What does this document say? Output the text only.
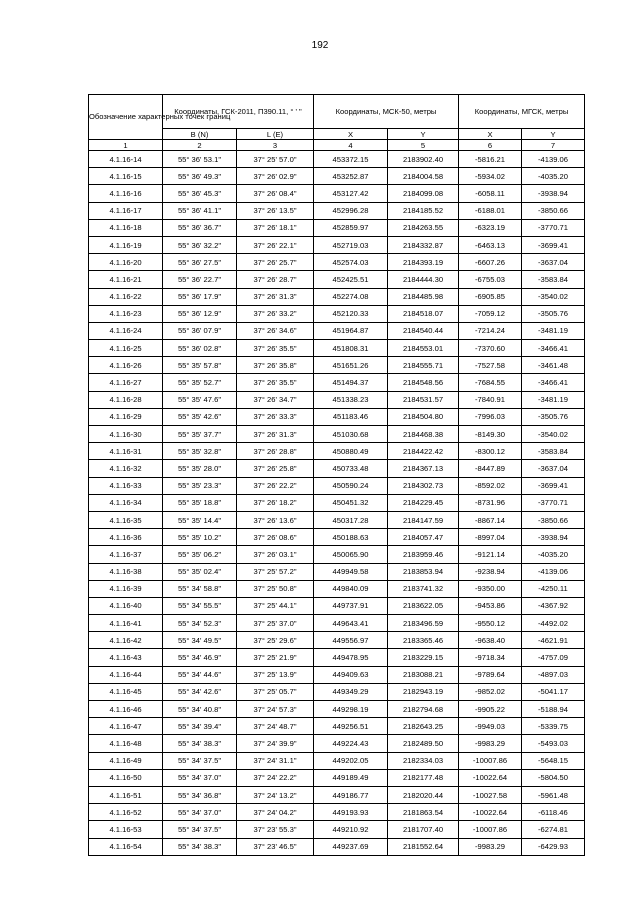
192
Обозначение характерных точек границ	Координаты, ГСК-2011, П390.11, ° ' "		Координаты, МСК-50, метры		Координаты, МГСК, метры	
	B (N)	L (E)	X	Y	X	Y
1	2	3	4	5	6	7
4.1.16-14	55° 36' 53.1"	37° 25' 57.0"	453372.15	2183902.40	-5816.21	-4139.06
4.1.16-15	55° 36' 49.3"	37° 26' 02.9"	453252.87	2184004.58	-5934.02	-4035.20
4.1.16-16	55° 36' 45.3"	37° 26' 08.4"	453127.42	2184099.08	-6058.11	-3938.94
4.1.16-17	55° 36' 41.1"	37° 26' 13.5"	452996.28	2184185.52	-6188.01	-3850.66
4.1.16-18	55° 36' 36.7"	37° 26' 18.1"	452859.97	2184263.55	-6323.19	-3770.71
4.1.16-19	55° 36' 32.2"	37° 26' 22.1"	452719.03	2184332.87	-6463.13	-3699.41
4.1.16-20	55° 36' 27.5"	37° 26' 25.7"	452574.03	2184393.19	-6607.26	-3637.04
4.1.16-21	55° 36' 22.7"	37° 26' 28.7"	452425.51	2184444.30	-6755.03	-3583.84
4.1.16-22	55° 36' 17.9"	37° 26' 31.3"	452274.08	2184485.98	-6905.85	-3540.02
4.1.16-23	55° 36' 12.9"	37° 26' 33.2"	452120.33	2184518.07	-7059.12	-3505.76
4.1.16-24	55° 36' 07.9"	37° 26' 34.6"	451964.87	2184540.44	-7214.24	-3481.19
4.1.16-25	55° 36' 02.8"	37° 26' 35.5"	451808.31	2184553.01	-7370.60	-3466.41
4.1.16-26	55° 35' 57.8"	37° 26' 35.8"	451651.26	2184555.71	-7527.58	-3461.48
4.1.16-27	55° 35' 52.7"	37° 26' 35.5"	451494.37	2184548.56	-7684.55	-3466.41
4.1.16-28	55° 35' 47.6"	37° 26' 34.7"	451338.23	2184531.57	-7840.91	-3481.19
4.1.16-29	55° 35' 42.6"	37° 26' 33.3"	451183.46	2184504.80	-7996.03	-3505.76
4.1.16-30	55° 35' 37.7"	37° 26' 31.3"	451030.68	2184468.38	-8149.30	-3540.02
4.1.16-31	55° 35' 32.8"	37° 26' 28.8"	450880.49	2184422.42	-8300.12	-3583.84
4.1.16-32	55° 35' 28.0"	37° 26' 25.8"	450733.48	2184367.13	-8447.89	-3637.04
4.1.16-33	55° 35' 23.3"	37° 26' 22.2"	450590.24	2184302.73	-8592.02	-3699.41
4.1.16-34	55° 35' 18.8"	37° 26' 18.2"	450451.32	2184229.45	-8731.96	-3770.71
4.1.16-35	55° 35' 14.4"	37° 26' 13.6"	450317.28	2184147.59	-8867.14	-3850.66
4.1.16-36	55° 35' 10.2"	37° 26' 08.6"	450188.63	2184057.47	-8997.04	-3938.94
4.1.16-37	55° 35' 06.2"	37° 26' 03.1"	450065.90	2183959.46	-9121.14	-4035.20
4.1.16-38	55° 35' 02.4"	37° 25' 57.2"	449949.58	2183853.94	-9238.94	-4139.06
4.1.16-39	55° 34' 58.8"	37° 25' 50.8"	449840.09	2183741.32	-9350.00	-4250.11
4.1.16-40	55° 34' 55.5"	37° 25' 44.1"	449737.91	2183622.05	-9453.86	-4367.92
4.1.16-41	55° 34' 52.3"	37° 25' 37.0"	449643.41	2183496.59	-9550.12	-4492.02
4.1.16-42	55° 34' 49.5"	37° 25' 29.6"	449556.97	2183365.46	-9638.40	-4621.91
4.1.16-43	55° 34' 46.9"	37° 25' 21.9"	449478.95	2183229.15	-9718.34	-4757.09
4.1.16-44	55° 34' 44.6"	37° 25' 13.9"	449409.63	2183088.21	-9789.64	-4897.03
4.1.16-45	55° 34' 42.6"	37° 25' 05.7"	449349.29	2182943.19	-9852.02	-5041.17
4.1.16-46	55° 34' 40.8"	37° 24' 57.3"	449298.19	2182794.68	-9905.22	-5188.94
4.1.16-47	55° 34' 39.4"	37° 24' 48.7"	449256.51	2182643.25	-9949.03	-5339.75
4.1.16-48	55° 34' 38.3"	37° 24' 39.9"	449224.43	2182489.50	-9983.29	-5493.03
4.1.16-49	55° 34' 37.5"	37° 24' 31.1"	449202.05	2182334.03	-10007.86	-5648.15
4.1.16-50	55° 34' 37.0"	37° 24' 22.2"	449189.49	2182177.48	-10022.64	-5804.50
4.1.16-51	55° 34' 36.8"	37° 24' 13.2"	449186.77	2182020.44	-10027.58	-5961.48
4.1.16-52	55° 34' 37.0"	37° 24' 04.2"	449193.93	2181863.54	-10022.64	-6118.46
4.1.16-53	55° 34' 37.5"	37° 23' 55.3"	449210.92	2181707.40	-10007.86	-6274.81
4.1.16-54	55° 34' 38.3"	37° 23' 46.5"	449237.69	2181552.64	-9983.29	-6429.93
